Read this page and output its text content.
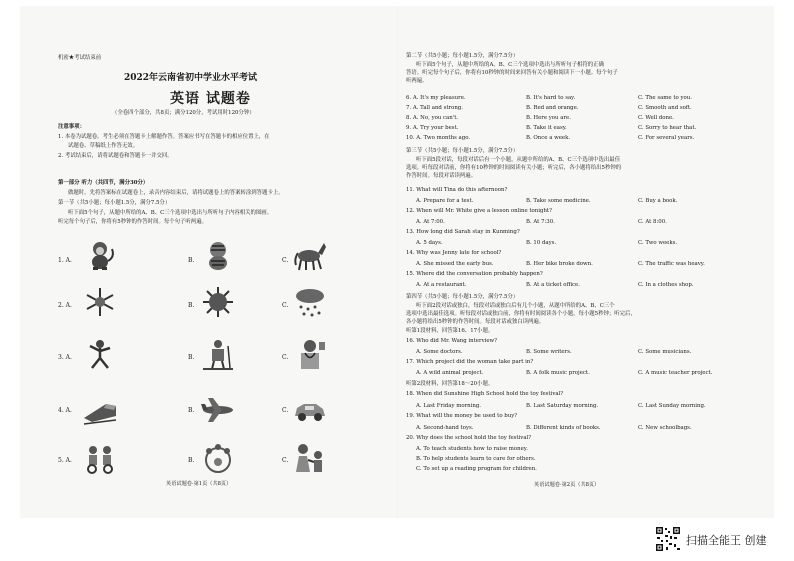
机密★考试结束前
2022年云南省初中学业水平考试
英语 试题卷
（全卷四个部分，共8页；满分120分，考试用时120分钟）
注意事项：
1. 本卷为试题卷。考生必须在答题卡上解题作答。答案应书写在答题卡的相应位置上，在
试题卷、草稿纸上作答无效。
2. 考试结束后，请将试题卷和答题卡一并交回。
第一部分 听力（共四节，满分30分）
做题时，先将答案标在试题卷上，录音内容结束后，请将试题卷上的答案转涂到答题卡上。
第一节（共5小题；每小题1.5分，满分7.5分）
听下面5个句子，从题中所给的A、B、C三个选项中选出与所听句子内容相关的图画。
听完每个句子后，你将有5秒钟的作答时间。每个句子听两遍。
1. A.	B.	C.
2. A.	B.	C.
3. A.	B.	C.
4. A.	B.	C.
5. A.	B.	C.
英语试题卷·第1页（共8页）
第二节（共5小题；每小题1.5分，满分7.5分）
听下面5个句子，从题中所给的A、B、C三个选项中选出与所听句子相符的正确
答语。听完每个句子后，你将有10秒钟的时间来回答有关小题和阅读下一小题。每个句子
听两遍。
6. A. It's my pleasure.	B. It's hard to say.	C. The same to you.
7. A. Tall and strong.	B. Red and orange.	C. Smooth and soft.
8. A. No, you can't.	B. Here you are.	C. Well done.
9. A. Try your best.	B. Take it easy.	C. Sorry to hear that.
10. A. Two months ago.	B. Once a week.	C. For several years.
第三节（共5小题；每小题1.5分，满分7.5分）
听下面5段对话，每段对话后有一个小题，从题中所给的A、B、C三个选项中选出最佳
选项。听每段对话前，你将有10秒钟的时间阅读有关小题；听完后，各小题将给出5秒钟的
作答时间。每段对话读两遍。
11. What will Tina do this afternoon?
A. Prepare for a test.	B. Take some medicine.	C. Buy a book.
12. When will Mr. White give a lesson online tonight?
A. At 7:00.	B. At 7:30.	C. At 8:00.
13. How long did Sarah stay in Kunming?
A. 5 days.	B. 10 days.	C. Two weeks.
14. Why was Jenny late for school?
A. She missed the early bus.	B. Her bike broke down.	C. The traffic was heavy.
15. Where did the conversation probably happen?
A. At a restaurant.	B. At a ticket office.	C. In a clothes shop.
第四节（共5小题；每小题1.5分，满分7.5分）
听下面2段对话或独白，每段对话或独白后有几个小题，从题中所给的A、B、C三个
选项中选出最佳选项。听每段对话或独白前，你将有时间阅读各个小题，每小题5秒钟；听完后，
各小题将给出5秒钟的作答时间。每段对话或独白读两遍。
听第1段材料，回答第16、17小题。
16. Who did Mr. Wang interview?
A. Some doctors.	B. Some writers.	C. Some musicians.
17. Which project did the woman take part in?
A. A wild animal project.	B. A folk music project.	C. A music teacher project.
听第2段材料，回答第18～20小题。
18. When did Sunshine High School hold the toy festival?
A. Last Friday morning.	B. Last Saturday morning.	C. Last Sunday morning.
19. What will the money be used to buy?
A. Second-hand toys.	B. Different kinds of books.	C. New schoolbags.
20. Why does the school hold the toy festival?
A. To teach students how to raise money.
B. To help students learn to care for others.
C. To set up a reading program for children.
英语试题卷·第2页（共8页）
扫描全能王 创建
